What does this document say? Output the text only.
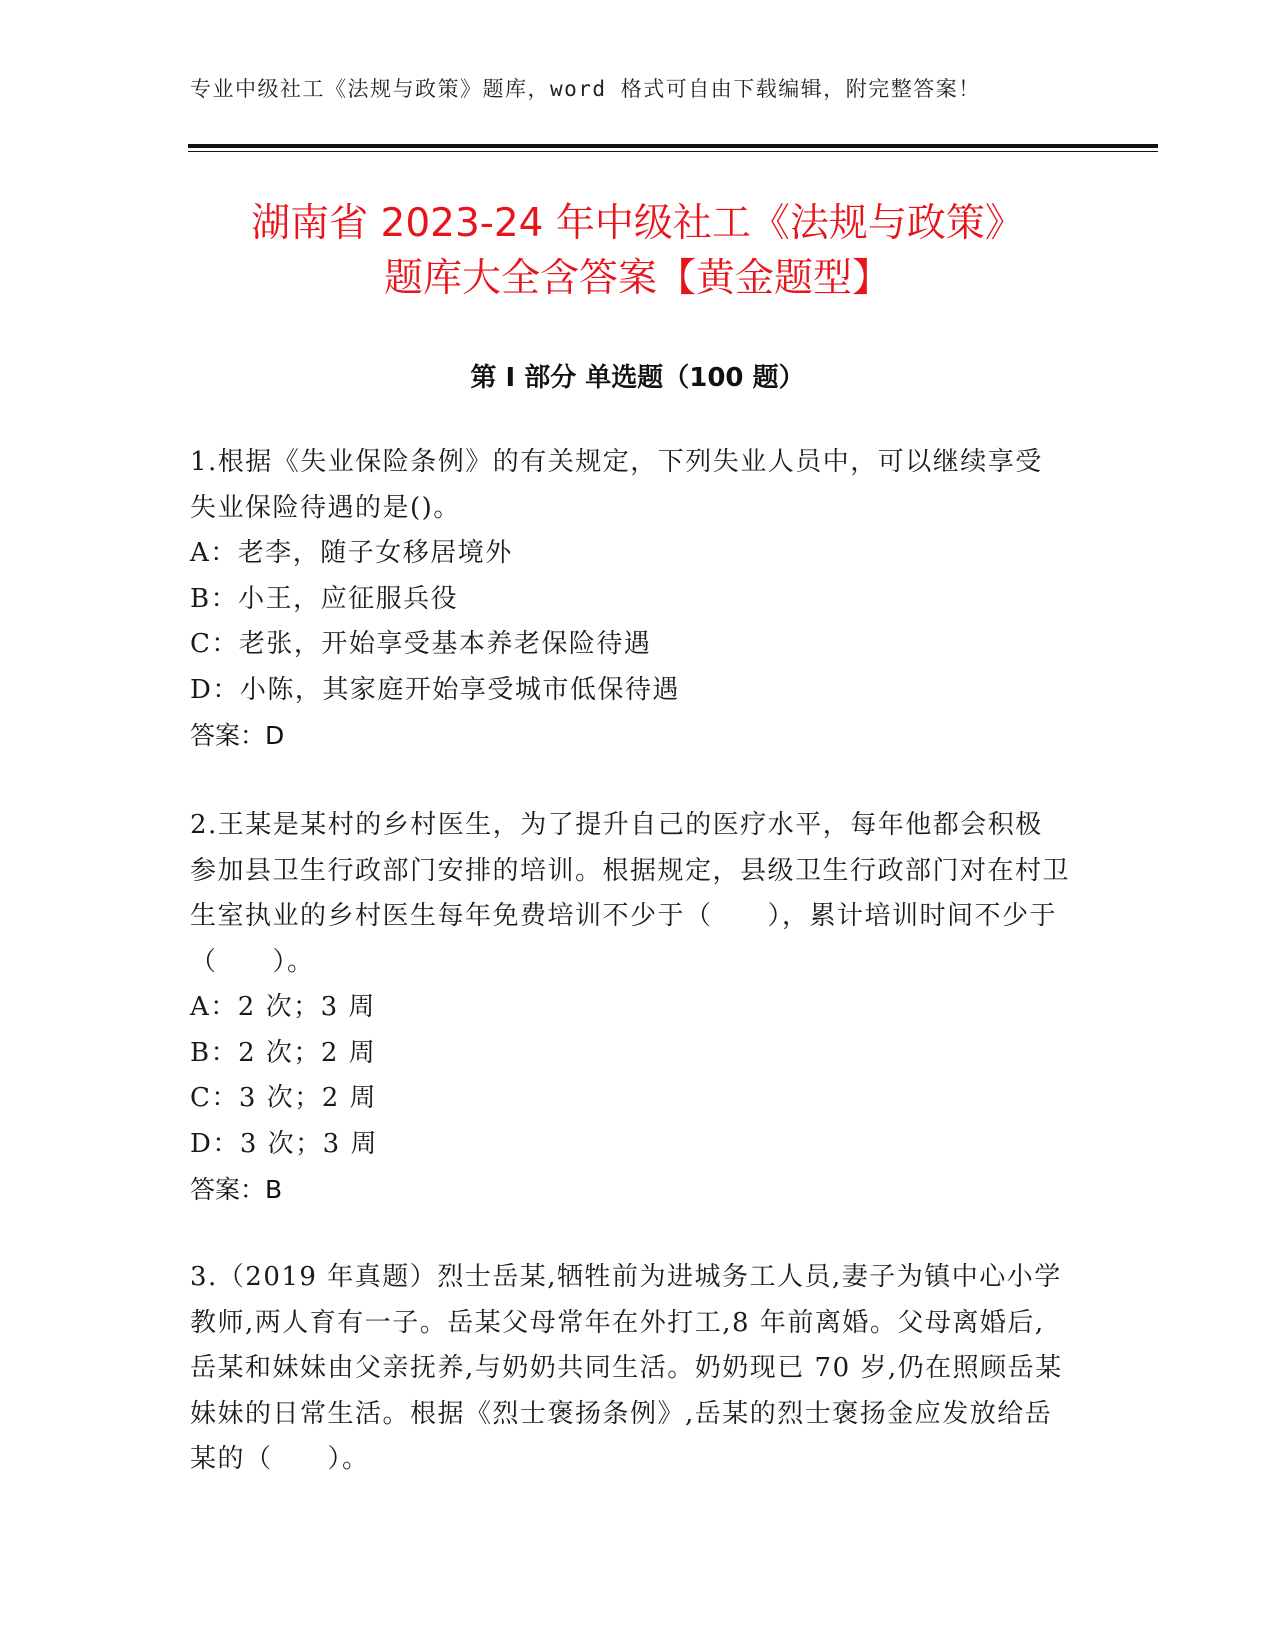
专业中级社工《法规与政策》题库，word 格式可自由下载编辑，附完整答案！
湖南省 2023-24 年中级社工《法规与政策》
题库大全含答案【黄金题型】
第 I 部分 单选题（100 题）

1.根据《失业保险条例》的有关规定，下列失业人员中，可以继续享受失业保险待遇的是()。

A：老李，随子女移居境外

B：小王，应征服兵役

C：老张，开始享受基本养老保险待遇

D：小陈，其家庭开始享受城市低保待遇

答案：D

2.王某是某村的乡村医生，为了提升自己的医疗水平，每年他都会积极参加县卫生行政部门安排的培训。根据规定，县级卫生行政部门对在村卫生室执业的乡村医生每年免费培训不少于（　　），累计培训时间不少于（　　）。

A：2 次；3 周

B：2 次；2 周

C：3 次；2 周

D：3 次；3 周

答案：B

3.（2019 年真题）烈士岳某,牺牲前为进城务工人员,妻子为镇中心小学教师,两人育有一子。岳某父母常年在外打工,8 年前离婚。父母离婚后,岳某和妹妹由父亲抚养,与奶奶共同生活。奶奶现已 70 岁,仍在照顾岳某妹妹的日常生活。根据《烈士褒扬条例》,岳某的烈士褒扬金应发放给岳某的（　　）。
